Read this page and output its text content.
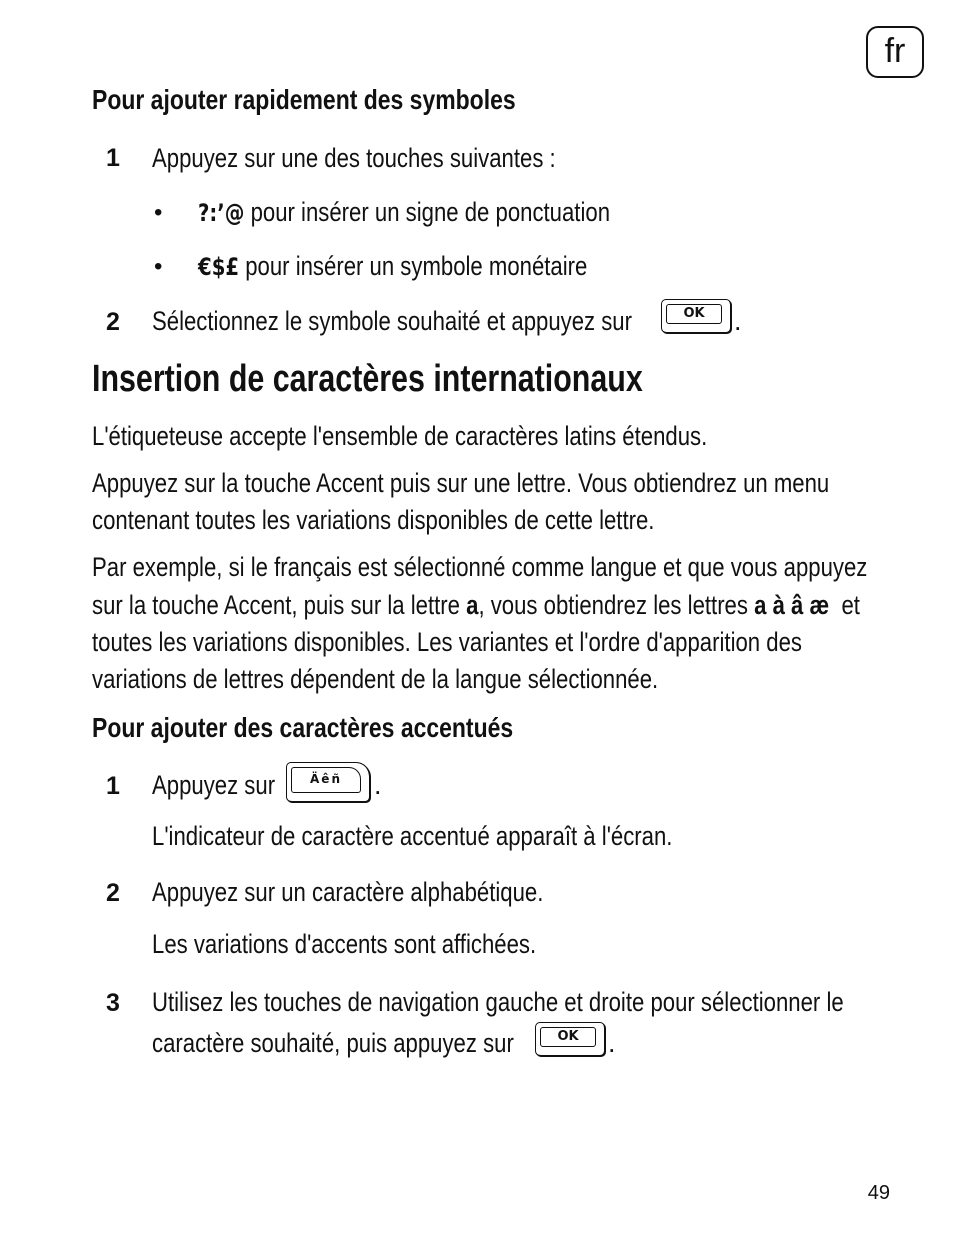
fr
Pour ajouter rapidement des symboles
1 Appuyez sur une des touches suivantes :
• ?:’@ pour insérer un signe de ponctuation
• €$£ pour insérer un symbole monétaire
2 Sélectionnez le symbole souhaité et appuyez sur	OK	.
Insertion de caractères internationaux
L'étiqueteuse accepte l'ensemble de caractères latins étendus.
Appuyez sur la touche Accent puis sur une lettre. Vous obtiendrez un menu
contenant toutes les variations disponibles de cette lettre.
Par exemple, si le français est sélectionné comme langue et que vous appuyez
sur la touche Accent, puis sur la lettre a, vous obtiendrez les lettres a à â æ  et
toutes les variations disponibles. Les variantes et l'ordre d'apparition des
variations de lettres dépendent de la langue sélectionnée.
Pour ajouter des caractères accentués
1 Appuyez sur	Äêñ	.
L'indicateur de caractère accentué apparaît à l'écran.
2 Appuyez sur un caractère alphabétique.
Les variations d'accents sont affichées.
3 Utilisez les touches de navigation gauche et droite pour sélectionner le
caractère souhaité, puis appuyez sur	OK	.
49
